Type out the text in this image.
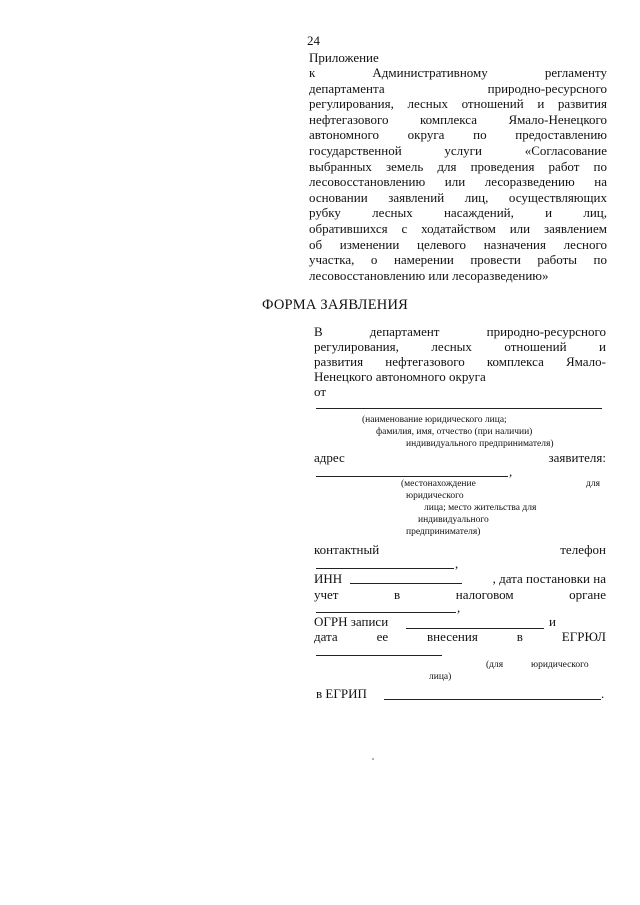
24
Приложение
к Административному регламенту
департамента природно-ресурсного
регулирования, лесных отношений и развития
нефтегазового комплекса Ямало-Ненецкого
автономного округа по предоставлению
государственной услуги «Согласование
выбранных земель для проведения работ по
лесовосстановлению или лесоразведению на
основании заявлений лиц, осуществляющих
рубку лесных насаждений, и лиц,
обратившихся с ходатайством или заявлением
об изменении целевого назначения лесного
участка, о намерении провести работы по
лесовосстановлению или лесоразведению»
ФОРМА ЗАЯВЛЕНИЯ
В департамент природно-ресурсного
регулирования, лесных отношений и
развития нефтегазового комплекса Ямало-
Ненецкого автономного округа
от
(наименование юридического лица;
фамилия, имя, отчество (при наличии)
индивидуального предпринимателя)
адрес	заявителя:
,
(местонахождение	для
юридического
лица; место жительства для
индивидуального
предпринимателя)
контактный	телефон
,
ИНН	, дата постановки на
учет	в	налоговом	органе
,
ОГРН записи	и
дата	ее	внесения	в	ЕГРЮЛ
(для	юридического
лица)
в ЕГРИП	.
